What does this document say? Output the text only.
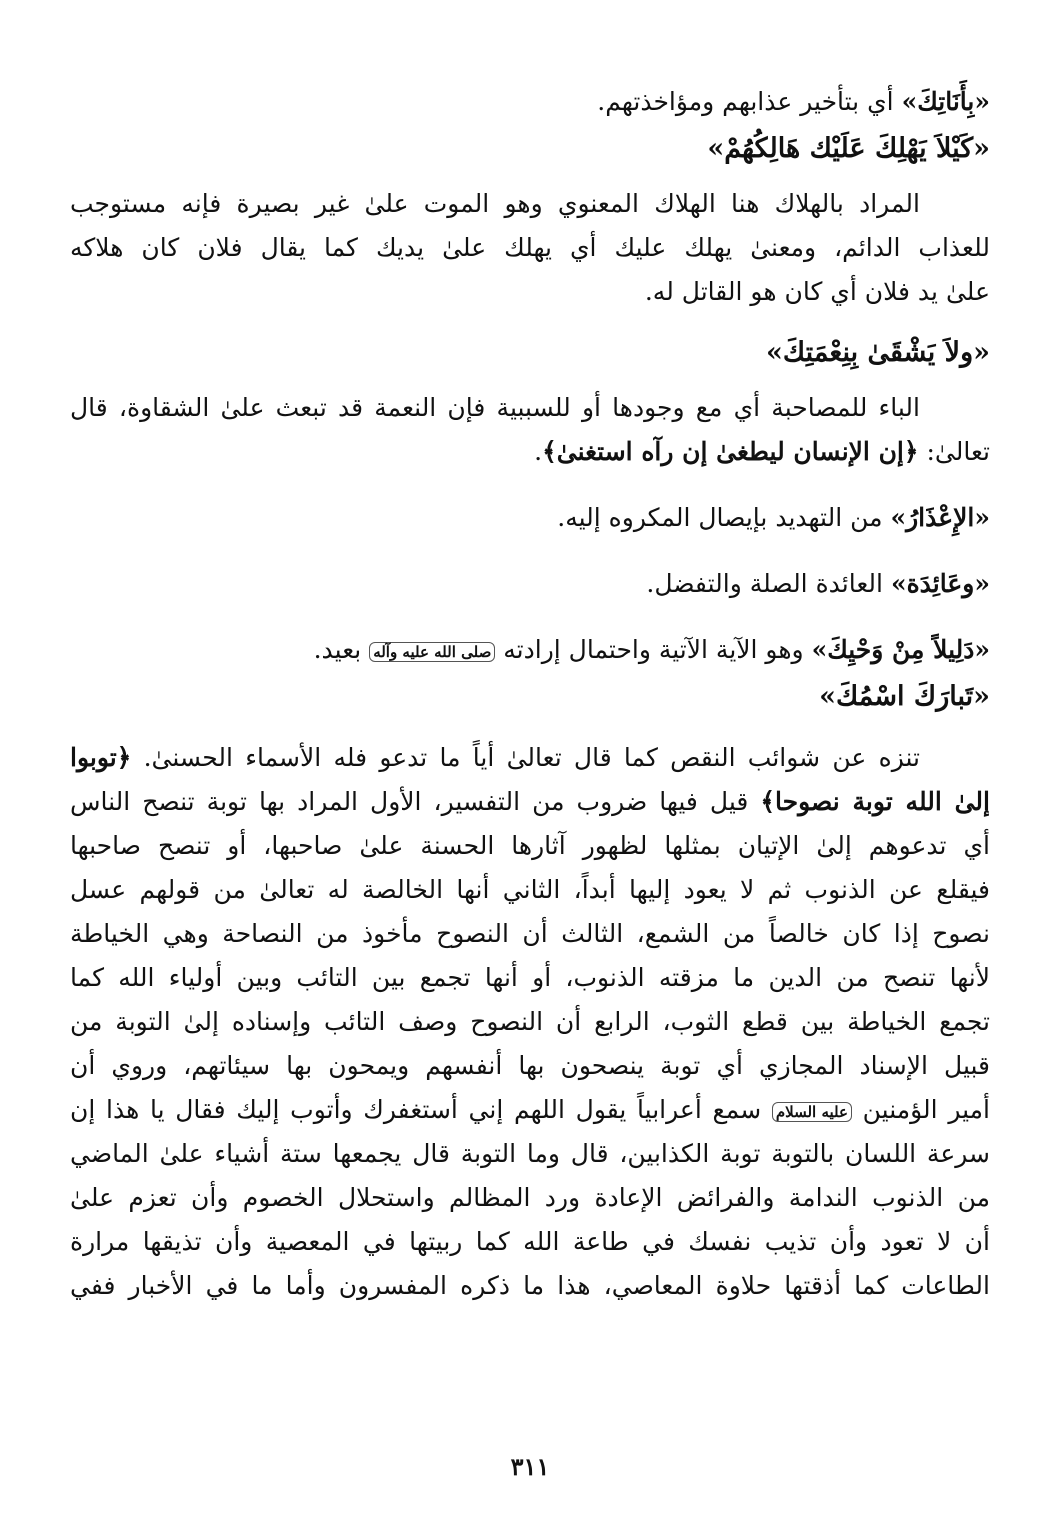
«بِأَنَاتِكَ» أي بتأخير عذابهم ومؤاخذتهم.

«كَيْلاَ يَهْلِكَ عَلَيْك هَالِكُهُمْ»

المراد بالهلاك هنا الهلاك المعنوي وهو الموت علىٰ غير بصيرة فإنه مستوجب

للعذاب الدائم، ومعنىٰ يهلك عليك أي يهلك علىٰ يديك كما يقال فلان كان هلاكه

علىٰ يد فلان أي كان هو القاتل له.

«ولاَ يَشْقَىٰ بِنِعْمَتِكَ»

الباء للمصاحبة أي مع وجودها أو للسببية فإن النعمة قد تبعث علىٰ الشقاوة، قال

تعالىٰ: ﴿إن الإنسان ليطغىٰ إن رآه استغنىٰ﴾.

«الإِعْذَارُ» من التهديد بإيصال المكروه إليه.

«وعَائِدَة» العائدة الصلة والتفضل.

«دَلِيلاً مِنْ وَحْيِكَ» وهو الآية الآتية واحتمال إرادته صلى الله عليه وآله بعيد.

«تَبارَكَ اسْمُكَ»

تنزه عن شوائب النقص كما قال تعالىٰ أياً ما تدعو فله الأسماء الحسنىٰ. ﴿توبوا

إلىٰ الله توبة نصوحا﴾ قيل فيها ضروب من التفسير، الأول المراد بها توبة تنصح الناس

أي تدعوهم إلىٰ الإتيان بمثلها لظهور آثارها الحسنة علىٰ صاحبها، أو تنصح صاحبها

فيقلع عن الذنوب ثم لا يعود إليها أبداً، الثاني أنها الخالصة له تعالىٰ من قولهم عسل

نصوح إذا كان خالصاً من الشمع، الثالث أن النصوح مأخوذ من النصاحة وهي الخياطة

لأنها تنصح من الدين ما مزقته الذنوب، أو أنها تجمع بين التائب وبين أولياء الله كما

تجمع الخياطة بين قطع الثوب، الرابع أن النصوح وصف التائب وإسناده إلىٰ التوبة من

قبيل الإسناد المجازي أي توبة ينصحون بها أنفسهم ويمحون بها سيئاتهم، وروي أن

أمير الؤمنين عليه السلام سمع أعرابياً يقول اللهم إني أستغفرك وأتوب إليك فقال يا هذا إن

سرعة اللسان بالتوبة توبة الكذابين، قال وما التوبة قال يجمعها ستة أشياء علىٰ الماضي

من الذنوب الندامة والفرائض الإعادة ورد المظالم واستحلال الخصوم وأن تعزم علىٰ

أن لا تعود وأن تذيب نفسك في طاعة الله كما ربيتها في المعصية وأن تذيقها مرارة

الطاعات كما أذقتها حلاوة المعاصي، هذا ما ذكره المفسرون وأما ما في الأخبار ففي

٣١١
